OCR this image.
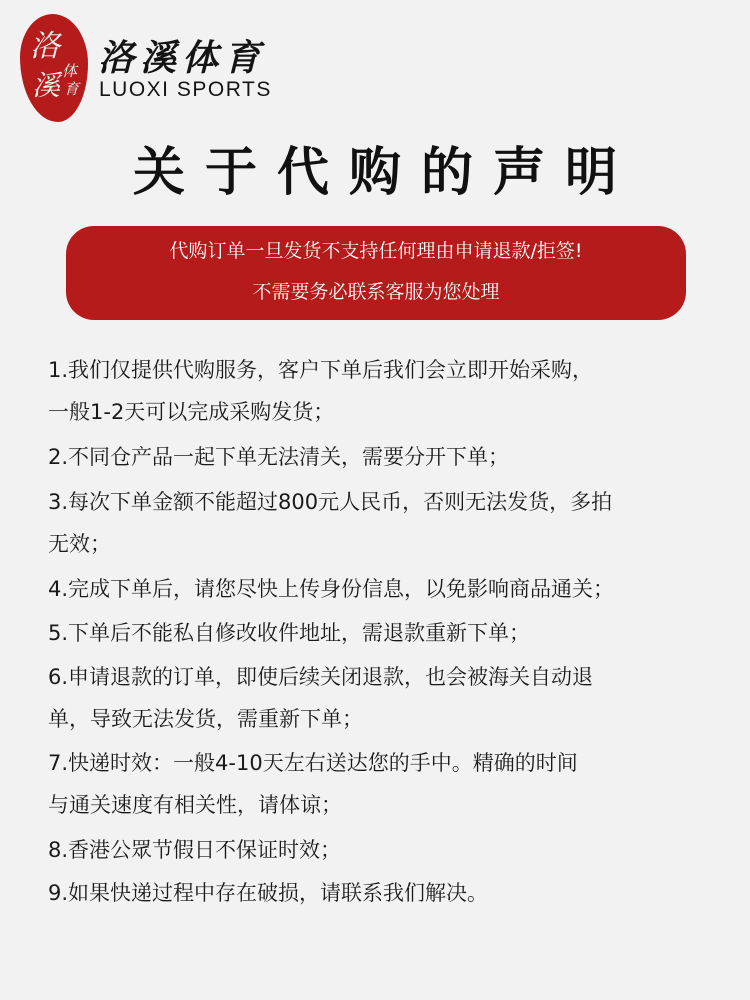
洛
溪 体
育
洛溪体育
LUOXI SPORTS
关于代购的声明
代购订单一旦发货不支持任何理由申请退款/拒签!
不需要务必联系客服为您处理
1.我们仅提供代购服务，客户下单后我们会立即开始采购，
一般1-2天可以完成采购发货；
2.不同仓产品一起下单无法清关，需要分开下单；
3.每次下单金额不能超过800元人民币，否则无法发货，多拍
无效；
4.完成下单后，请您尽快上传身份信息，以免影响商品通关；
5.下单后不能私自修改收件地址，需退款重新下单；
6.申请退款的订单，即使后续关闭退款，也会被海关自动退
单，导致无法发货，需重新下单；
7.快递时效：一般4-10天左右送达您的手中。精确的时间
与通关速度有相关性，请体谅；
8.香港公眾节假日不保证时效；
9.如果快递过程中存在破损，请联系我们解决。
